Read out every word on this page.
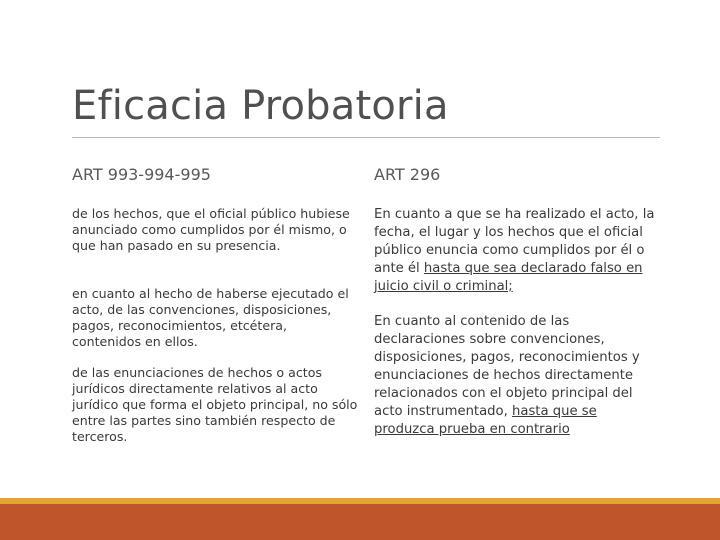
Eficacia Probatoria
ART 993-994-995	ART 296

de los hechos, que el oficial público hubiese anunciado como cumplidos por él mismo, o que han pasado en su presencia.

en cuanto al hecho de haberse ejecutado el acto, de las convenciones, disposiciones, pagos, reconocimientos, etcétera, contenidos en ellos.

de las enunciaciones de hechos o actos jurídicos directamente relativos al acto jurídico que forma el objeto principal, no sólo entre las partes sino también respecto de terceros.

En cuanto a que se ha realizado el acto, la fecha, el lugar y los hechos que el oficial público enuncia como cumplidos por él o ante él hasta que sea declarado falso en juicio civil o criminal;

En cuanto al contenido de las declaraciones sobre convenciones, disposiciones, pagos, reconocimientos y enunciaciones de hechos directamente relacionados con el objeto principal del acto instrumentado, hasta que se produzca prueba en contrario
